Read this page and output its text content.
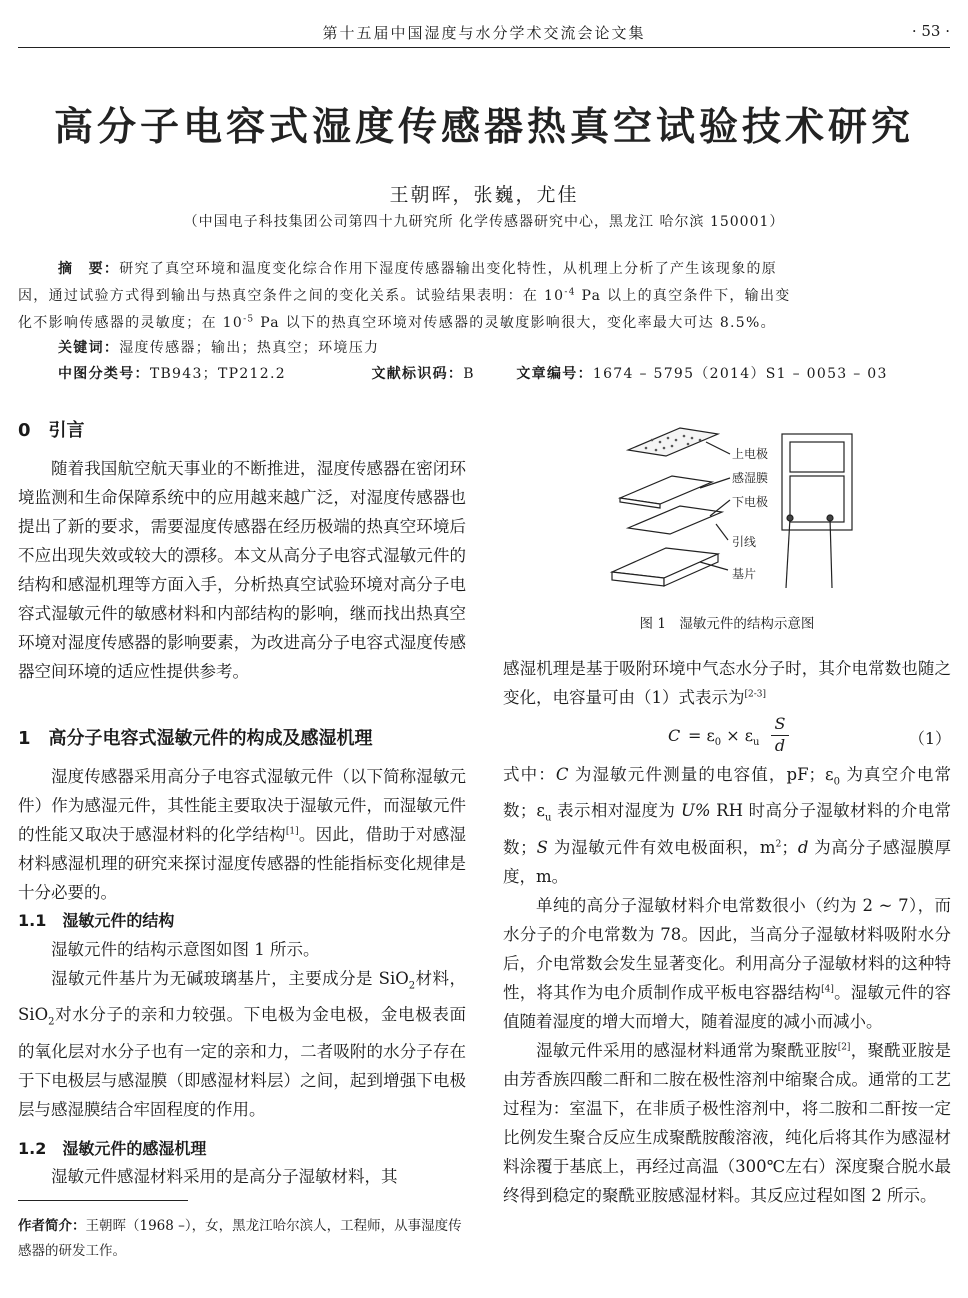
第十五届中国湿度与水分学术交流会论文集	· 53 ·
高分子电容式湿度传感器热真空试验技术研究
王朝晖，张巍，尤佳
（中国电子科技集团公司第四十九研究所 化学传感器研究中心，黑龙江 哈尔滨 150001）
摘　要：研究了真空环境和温度变化综合作用下湿度传感器输出变化特性，从机理上分析了产生该现象的原
因，通过试验方式得到输出与热真空条件之间的变化关系。试验结果表明：在 $10^{-4}$ Pa 以上的真空条件下，输出变
化不影响传感器的灵敏度；在 $10^{-5}$ Pa 以下的热真空环境对传感器的灵敏度影响很大，变化率最大可达 8.5%。
关键词：湿度传感器；输出；热真空；环境压力
中图分类号：TB943；TP212.2	文献标识码：B	文章编号：1674 – 5795（2014）S1 – 0053 – 03
0　引言

随着我国航空航天事业的不断推进，湿度传感器在密闭环境监测和生命保障系统中的应用越来越广泛，对湿度传感器也提出了新的要求，需要湿度传感器在经历极端的热真空环境后不应出现失效或较大的漂移。本文从高分子电容式湿敏元件的结构和感湿机理等方面入手，分析热真空试验环境对高分子电容式湿敏元件的敏感材料和内部结构的影响，继而找出热真空环境对湿度传感器的影响要素，为改进高分子电容式湿度传感器空间环境的适应性提供参考。

1　高分子电容式湿敏元件的构成及感湿机理

湿度传感器采用高分子电容式湿敏元件（以下简称湿敏元件）作为感湿元件，其性能主要取决于湿敏元件，而湿敏元件的性能又取决于感湿材料的化学结构[1]。因此，借助于对感湿材料感湿机理的研究来探讨湿度传感器的性能指标变化规律是十分必要的。

1.1　湿敏元件的结构

湿敏元件的结构示意图如图 1 所示。

湿敏元件基片为无碱玻璃基片，主要成分是 SiO$_2$材料，SiO$_2$对水分子的亲和力较强。下电极为金电极，金电极表面的氧化层对水分子也有一定的亲和力，二者吸附的水分子存在于下电极层与感湿膜（即感湿材料层）之间，起到增强下电极层与感湿膜结合牢固程度的作用。

1.2　湿敏元件的感湿机理

湿敏元件感湿材料采用的是高分子湿敏材料，其

作者简介：王朝晖（1968 –），女，黑龙江哈尔滨人，工程师，从事湿度传感器的研发工作。
上电极
感湿膜
下电极
引线
基片
图 1　湿敏元件的结构示意图

感湿机理是基于吸附环境中气态水分子时，其介电常数也随之变化，电容量可由（1）式表示为[2-3]

$C = \varepsilon_0 \times \varepsilon_u$
S
d	（1）

式中：C 为湿敏元件测量的电容值，pF；$\varepsilon_0$ 为真空介电常数；$\varepsilon_u$ 表示相对湿度为 U% RH 时高分子湿敏材料的介电常数；S 为湿敏元件有效电极面积，$m^2$；d 为高分子感湿膜厚度，m。

单纯的高分子湿敏材料介电常数很小（约为 2 ~ 7），而水分子的介电常数为 78。因此，当高分子湿敏材料吸附水分后，介电常数会发生显著变化。利用高分子湿敏材料的这种特性，将其作为电介质制作成平板电容器结构[4]。湿敏元件的容值随着湿度的增大而增大，随着湿度的减小而减小。

湿敏元件采用的感湿材料通常为聚酰亚胺[2]，聚酰亚胺是由芳香族四酸二酐和二胺在极性溶剂中缩聚合成。通常的工艺过程为：室温下，在非质子极性溶剂中，将二胺和二酐按一定比例发生聚合反应生成聚酰胺酸溶液，纯化后将其作为感湿材料涂覆于基底上，再经过高温（300℃左右）深度聚合脱水最终得到稳定的聚酰亚胺感湿材料。其反应过程如图 2 所示。
